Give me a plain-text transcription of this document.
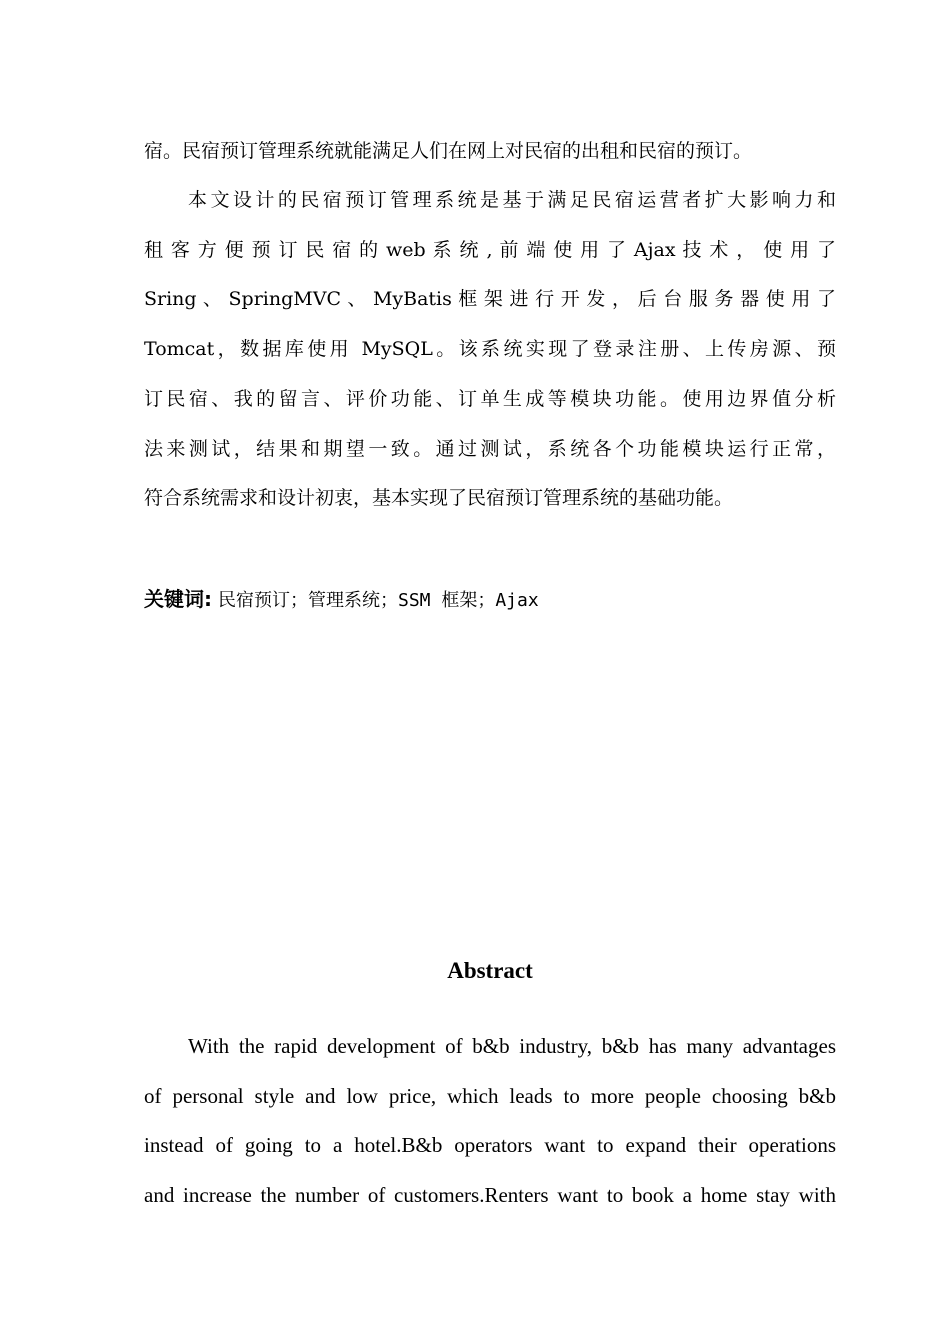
宿。民宿预订管理系统就能满足人们在网上对民宿的出租和民宿的预订。
本文设计的民宿预订管理系统是基于满足民宿运营者扩大影响力和
租 客 方 便 预 订 民 宿 的 web 系 统 , 前 端 使 用 了 Ajax 技 术 ， 使 用 了
Sring 、 SpringMVC 、 MyBatis 框 架 进 行 开 发 ， 后 台 服 务 器 使 用 了
Tomcat，数据库使用 MySQL。该系统实现了登录注册、上传房源、预
订民宿、我的留言、评价功能、订单生成等模块功能。使用边界值分析
法来测试，结果和期望一致。通过测试，系统各个功能模块运行正常，
符合系统需求和设计初衷，基本实现了民宿预订管理系统的基础功能。
关键词: 民宿预订；管理系统；SSM 框架；Ajax
Abstract
With the rapid development of b&b industry, b&b has many advantages
of personal style and low price, which leads to more people choosing b&b
instead of going to a hotel.B&b operators want to expand their operations
and increase the number of customers.Renters want to book a home stay with
